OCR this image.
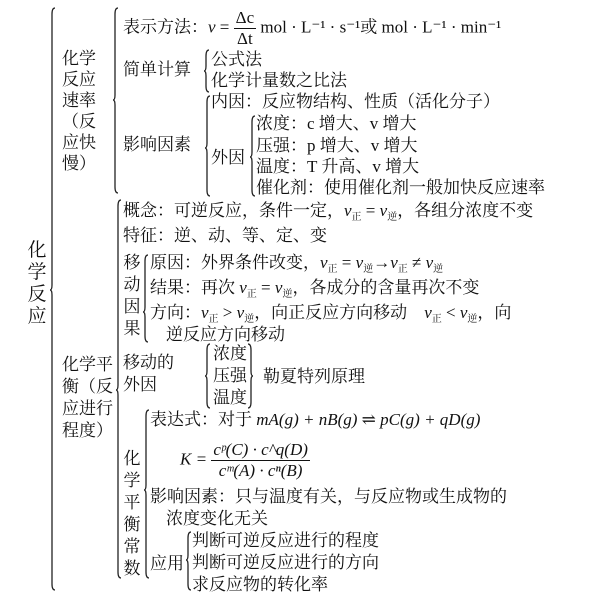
化学反应
化学反应速率（反应快慢）
表示方法：$v = \frac{\Delta c}{\Delta t}$ mol · L⁻¹ · s⁻¹或 mol · L⁻¹ · min⁻¹
简单计算
公式法
化学计量数之比法
影响因素
内因：反应物结构、性质（活化分子）
外因
浓度：c 增大、v 增大
压强：p 增大、v 增大
温度：T 升高、v 增大
催化剂：使用催化剂一般加快反应速率
化学平衡（反应进行程度）
概念：可逆反应，条件一定，$v_正 = v_逆$，各组分浓度不变
特征：逆、动、等、定、变
移动因果
原因：外界条件改变，$v_正 = v_逆\to v_正 \ne v_逆$
结果：再次 $v_正 = v_逆$，各成分的含量再次不变
方向：$v_正 > v_逆$，向正反应方向移动 $v_正 < v_逆$，向
逆反应方向移动
移动的外因
浓度
压强
温度
勒夏特列原理
化学平衡常数
表达式：对于 mA(g) + nB(g) ⇌ pC(g) + qD(g)
$K = \frac{\text{cᵖ(C) · c\textasciicircum{}q(D)}}{\text{cᵐ(A) · cⁿ(B)}}$
影响因素：只与温度有关，与反应物或生成物的
浓度变化无关
应用
判断可逆反应进行的程度
判断可逆反应进行的方向
求反应物的转化率
